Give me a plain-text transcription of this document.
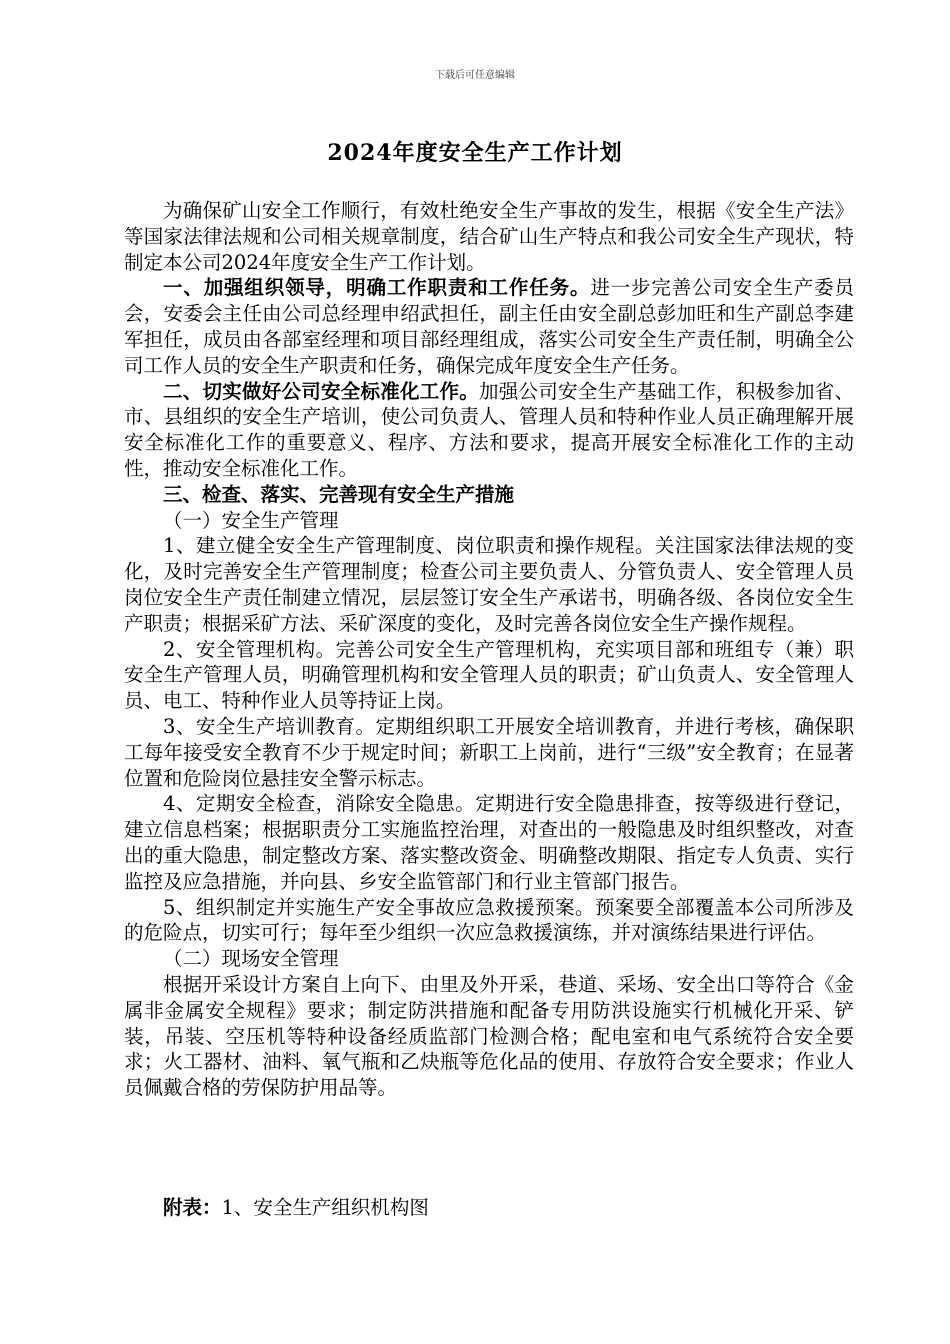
下载后可任意编辑
2024年度安全生产工作计划

为确保矿山安全工作顺行，有效杜绝安全生产事故的发生，根据《安全生产法》等国家法律法规和公司相关规章制度，结合矿山生产特点和我公司安全生产现状，特制定本公司2024年度安全生产工作计划。

一、加强组织领导，明确工作职责和工作任务。进一步完善公司安全生产委员会，安委会主任由公司总经理申绍武担任，副主任由安全副总彭加旺和生产副总李建军担任，成员由各部室经理和项目部经理组成，落实公司安全生产责任制，明确全公司工作人员的安全生产职责和任务，确保完成年度安全生产任务。

二、切实做好公司安全标准化工作。加强公司安全生产基础工作，积极参加省、市、县组织的安全生产培训，使公司负责人、管理人员和特种作业人员正确理解开展安全标准化工作的重要意义、程序、方法和要求，提高开展安全标准化工作的主动性，推动安全标准化工作。

三、检查、落实、完善现有安全生产措施

（一）安全生产管理

1、建立健全安全生产管理制度、岗位职责和操作规程。关注国家法律法规的变化，及时完善安全生产管理制度；检查公司主要负责人、分管负责人、安全管理人员岗位安全生产责任制建立情况，层层签订安全生产承诺书，明确各级、各岗位安全生产职责；根据采矿方法、采矿深度的变化，及时完善各岗位安全生产操作规程。

2、安全管理机构。完善公司安全生产管理机构，充实项目部和班组专（兼）职安全生产管理人员，明确管理机构和安全管理人员的职责；矿山负责人、安全管理人员、电工、特种作业人员等持证上岗。

3、安全生产培训教育。定期组织职工开展安全培训教育，并进行考核，确保职工每年接受安全教育不少于规定时间；新职工上岗前，进行“三级”安全教育；在显著位置和危险岗位悬挂安全警示标志。

4、定期安全检查，消除安全隐患。定期进行安全隐患排查，按等级进行登记，建立信息档案；根据职责分工实施监控治理，对查出的一般隐患及时组织整改，对查出的重大隐患，制定整改方案、落实整改资金、明确整改期限、指定专人负责、实行监控及应急措施，并向县、乡安全监管部门和行业主管部门报告。

5、组织制定并实施生产安全事故应急救援预案。预案要全部覆盖本公司所涉及的危险点，切实可行；每年至少组织一次应急救援演练，并对演练结果进行评估。

（二）现场安全管理

根据开采设计方案自上向下、由里及外开采，巷道、采场、安全出口等符合《金属非金属安全规程》要求；制定防洪措施和配备专用防洪设施实行机械化开采、铲装，吊装、空压机等特种设备经质监部门检测合格；配电室和电气系统符合安全要求；火工器材、油料、氧气瓶和乙炔瓶等危化品的使用、存放符合安全要求；作业人员佩戴合格的劳保防护用品等。

附表：1、安全生产组织机构图
